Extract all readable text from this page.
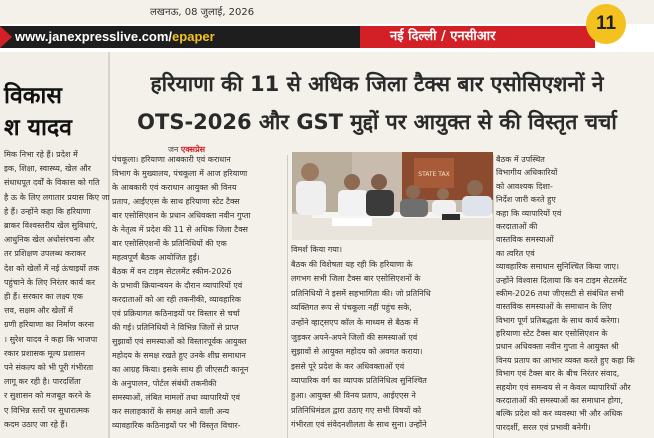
लखनऊ, 08 जुलाई, 2026
www.janexpresslive.com/epaper	नई दिल्ली / एनसीआर
11
विकास
श यादव
मिक निभा रहे हैं। प्रदेश में
इक, शिक्षा, स्वास्थ्य, खेल और
संधाधपूत दर्वों के विकास को गति
है ऊ के लिए लगातार प्रयास किए जा
हे हैं। उन्होंने कहा कि हरियाणा
ब्राकर विश्वस्तरीय खेल सुविधाएं,
आधुनिक खेल अधोसंरचना और
तर प्रशिक्षण उपलब्ध कराकर
देश को खेलों में नई ऊंचाइयों तक
पहुंचाने के लिए निरंतर कार्य कर
ही हैं। सरकार का लक्ष्य एक
त्तव, सक्षम और खेलों में
ग्रणी हरियाणा का निर्माण करना
। सुरेश यादव ने कहा कि भाजपा
रकार प्रशासक मूल्य प्रशासन
पने संकल्प को भी पूरी गंभीरता
लागू कर रही है। पारदर्शिता
र सुशासन को मजबूत करने के
ए विभिन्न स्तरों पर सुधारात्मक
कदम उठाए जा रहे हैं।
हरियाणा की 11 से अधिक जिला टैक्स बार एसोसिएशनों ने
OTS-2026 और GST मुद्दों पर आयुक्त से की विस्तृत चर्चा
जन एक्सप्रेस
पंचकूला। हरियाणा आबकारी एवं कराधान
विभाग के मुख्यालय, पंचकूला में आज हरियाणा
के आबकारी एवं कराधान आयुक्त श्री विनय
प्रताप, आईएएस के साथ हरियाणा स्टेट टैक्स
बार एसोसिएशन के प्रधान अधिवक्ता नवीन गुप्ता
के नेतृत्व में प्रदेश की 11 से अधिक जिला टैक्स
बार एसोसिएशनों के प्रतिनिधियों की एक
महत्वपूर्ण बैठक आयोजित हुई।
बैठक में वन टाइम सेटलमेंट स्कीम-2026
के प्रभावी क्रियान्वयन के दौरान व्यापारियों एवं
करदाताओं को आ रही तकनीकी, व्यावहारिक
एवं प्रक्रियागत कठिनाइयों पर विस्तार से चर्चा
की गई। प्रतिनिधियों ने विभिन्न जिलों से प्राप्त
सुझावों एवं समस्याओं को विस्तारपूर्वक आयुक्त
महोदय के समक्ष रखते हुए उनके शीघ्र समाधान
का आग्रह किया। इसके साथ ही जीएसटी कानून
के अनुपालन, पोर्टल संबंधी तकनीकी
समस्याओं, लंबित मामलों तथा व्यापारियों एवं
कर सलाहकारों के समक्ष आने वाली अन्य
व्यावहारिक कठिनाइयों पर भी विस्तृत विचार-
विमर्श किया गया।
बैठक की विशेषता यह रही कि हरियाणा के
लगभग सभी जिला टैक्स बार एसोसिएशनों के
प्रतिनिधियों ने इसमें सहभागिता की। जो प्रतिनिधि
व्यक्तिगत रूप से पंचकूला नहीं पहुंच सके,
उन्होंने व्हाट्सएप कॉल के माध्यम से बैठक में
जुड़कर अपने-अपने जिलों की समस्याओं एवं
सुझावों से आयुक्त महोदय को अवगत कराया।
इससे पूरे प्रदेश के कर अधिवक्ताओं एवं
व्यापारिक वर्ग का व्यापक प्रतिनिधित्व सुनिश्चित
हुआ। आयुक्त श्री विनय प्रताप, आईएएस ने
प्रतिनिधिमंडल द्वारा उठाए गए सभी विषयों को
गंभीरता एवं संवेदनशीलता के साथ सुना। उन्होंने
बैठक में उपस्थित
विभागीय अधिकारियों
को आवश्यक दिशा-
निर्देश जारी करते हुए
कहा कि व्यापारियों एवं
करदाताओं की
वास्तविक समस्याओं
का त्वरित एवं
व्यावहारिक समाधान सुनिश्चित किया जाए।
उन्होंने विश्वास दिलाया कि वन टाइम सेटलमेंट
स्कीम-2026 तथा जीएसटी से संबंधित सभी
वास्तविक समस्याओं के समाधान के लिए
विभाग पूर्ण प्रतिबद्धता के साथ कार्य करेगा।
हरियाणा स्टेट टैक्स बार एसोसिएशन के
प्रधान अधिवक्ता नवीन गुप्ता ने आयुक्त श्री
विनय प्रताप का आभार व्यक्त करते हुए कहा कि
विभाग एवं टैक्स बार के बीच निरंतर संवाद,
सहयोग एवं समन्वय से न केवल व्यापारियों और
करदाताओं की समस्याओं का समाधान होगा,
बल्कि प्रदेश को कर व्यवस्था भी और अधिक
पारदर्शी, सरल एवं प्रभावी बनेगी।
STATE TAX
